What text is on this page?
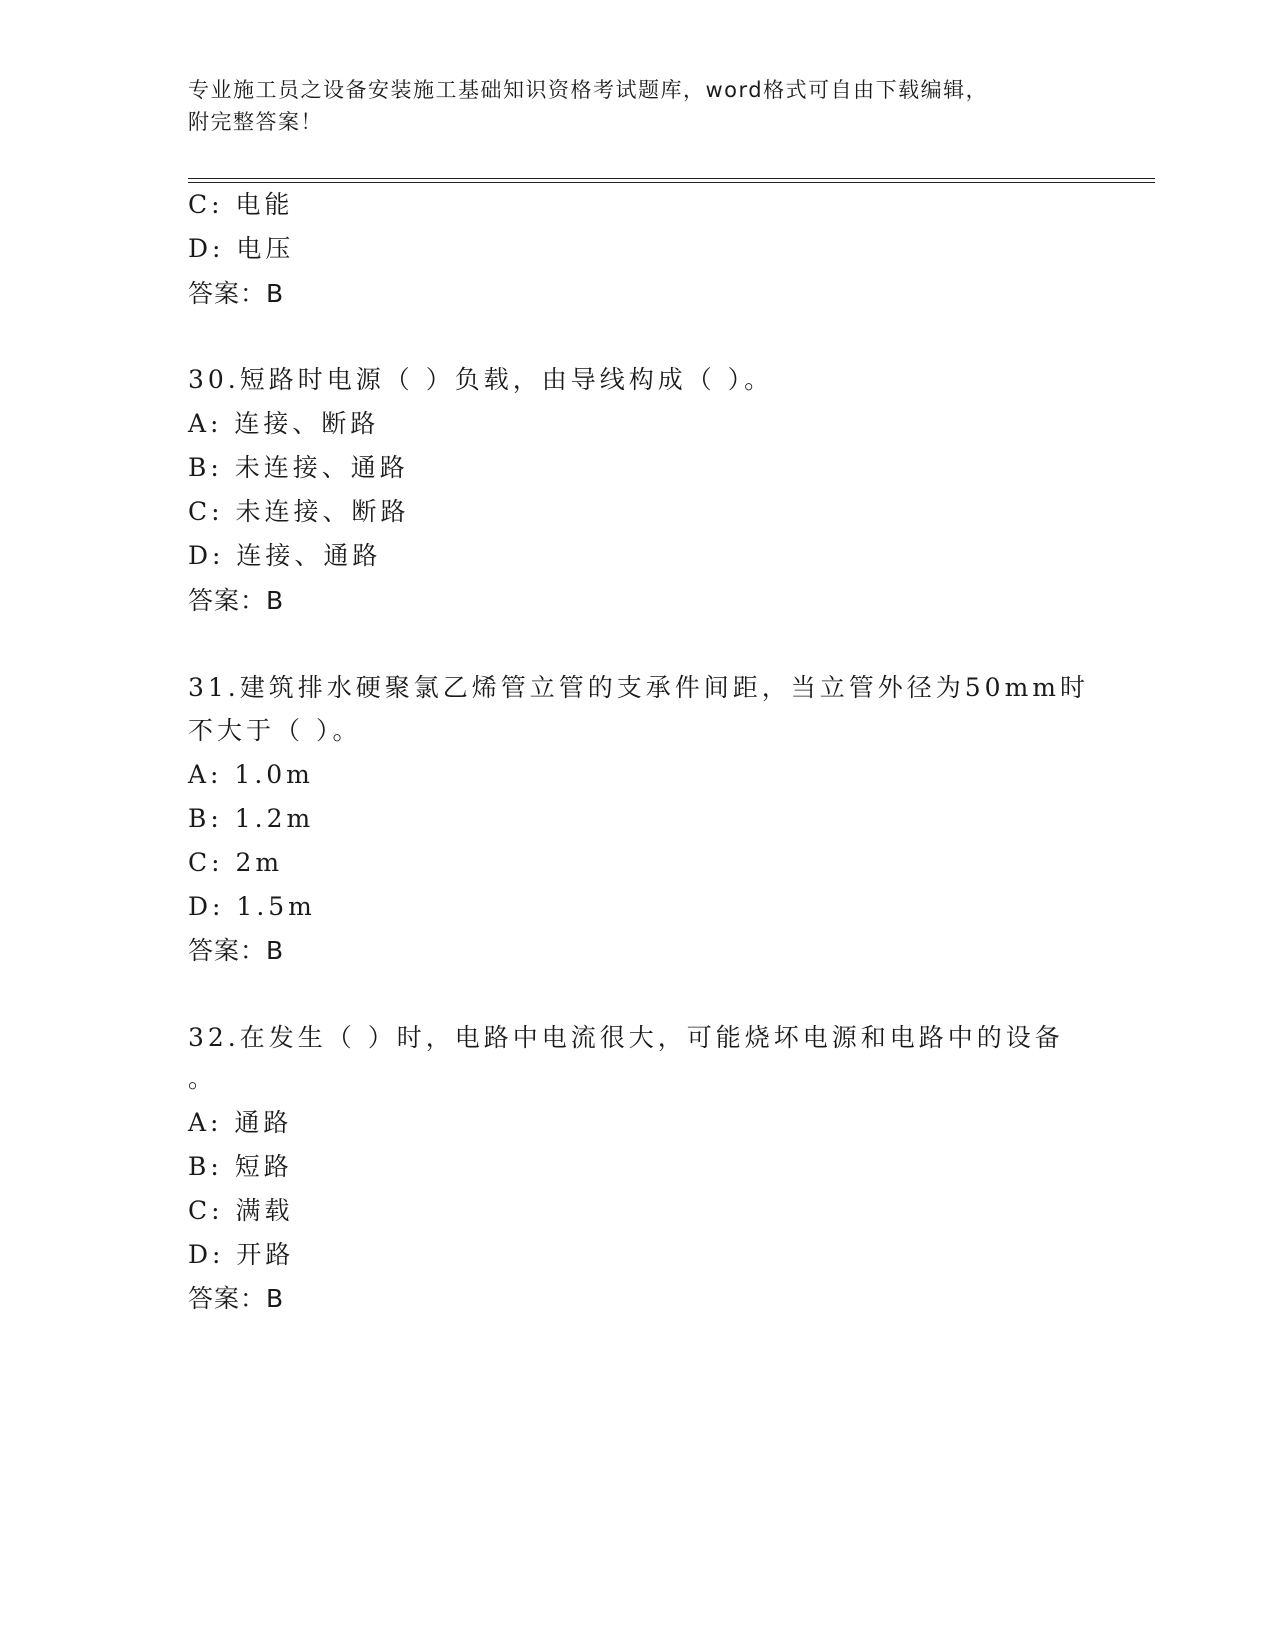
专业施工员之设备安装施工基础知识资格考试题库，word格式可自由下载编辑，
附完整答案！
C: 电能
D: 电压
答案：B
30.短路时电源（ ）负载，由导线构成（ ）。
A: 连接、断路
B: 未连接、通路
C: 未连接、断路
D: 连接、通路
答案：B
31.建筑排水硬聚氯乙烯管立管的支承件间距，当立管外径为50mm时
不大于（ ）。
A: 1.0m
B: 1.2m
C: 2m
D: 1.5m
答案：B
32.在发生（ ）时，电路中电流很大，可能烧坏电源和电路中的设备
。
A: 通路
B: 短路
C: 满载
D: 开路
答案：B
